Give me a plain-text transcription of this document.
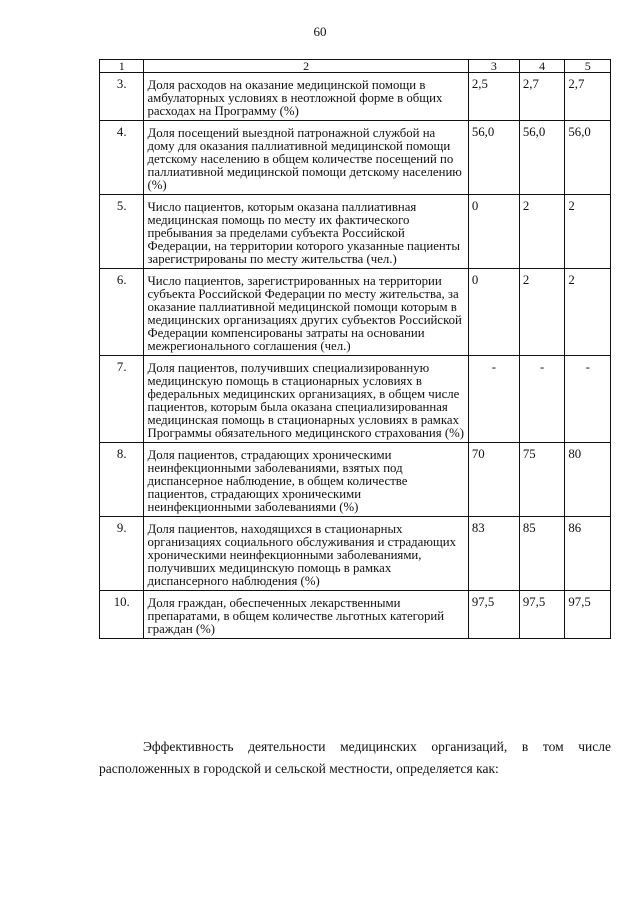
60
1	2	3	4	5
3.	Доля расходов на оказание медицинской помощи в амбулаторных условиях в неотложной форме в общих расходах на Программу (%)	2,5	2,7	2,7
4.	Доля посещений выездной патронажной службой на дому для оказания паллиативной медицинской помощи детскому населению в общем количестве посещений по паллиативной медицинской помощи детскому населению (%)	56,0	56,0	56,0
5.	Число пациентов, которым оказана паллиативная медицинская помощь по месту их фактического пребывания за пределами субъекта Российской Федерации, на территории которого указанные пациенты зарегистрированы по месту жительства (чел.)	0	2	2
6.	Число пациентов, зарегистрированных на территории субъекта Российской Федерации по месту жительства, за оказание паллиативной медицинской помощи которым в медицинских организациях других субъектов Российской Федерации компенсированы затраты на основании межрегионального соглашения (чел.)	0	2	2
7.	Доля пациентов, получивших специализированную медицинскую помощь в стационарных условиях в федеральных медицинских организациях, в общем числе пациентов, которым была оказана специализированная медицинская помощь в стационарных условиях в рамках Программы обязательного медицинского страхования (%)	-	-	-
8.	Доля пациентов, страдающих хроническими неинфекционными заболеваниями, взятых под диспансерное наблюдение, в общем количестве пациентов, страдающих хроническими неинфекционными заболеваниями (%)	70	75	80
9.	Доля пациентов, находящихся в стационарных организациях социального обслуживания и страдающих хроническими неинфекционными заболеваниями, получивших медицинскую помощь в рамках диспансерного наблюдения (%)	83	85	86
10.	Доля граждан, обеспеченных лекарственными препаратами, в общем количестве льготных категорий граждан (%)	97,5	97,5	97,5
Эффективность деятельности медицинских организаций, в том числе расположенных в городской и сельской местности, определяется как:
